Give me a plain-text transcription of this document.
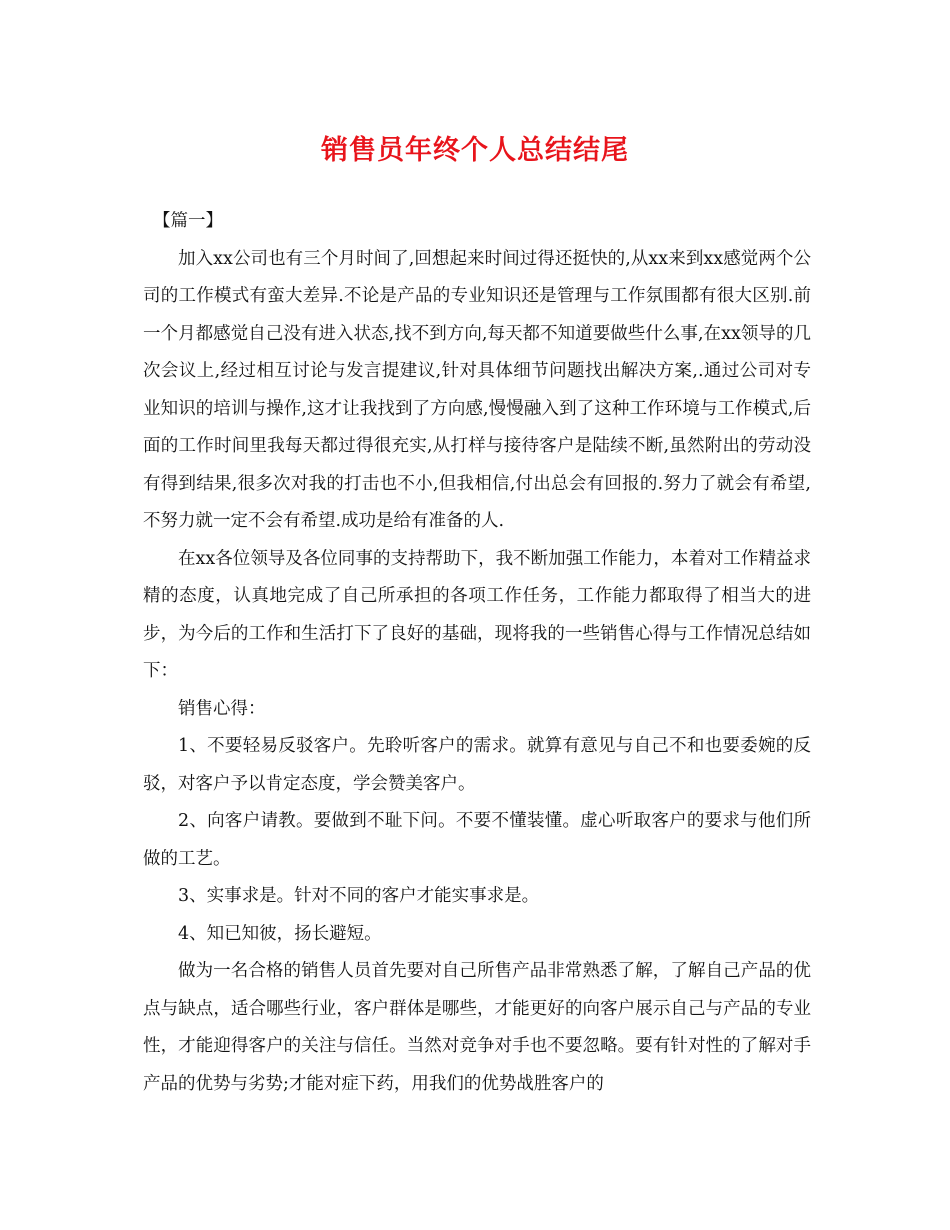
销售员年终个人总结结尾

【篇一】

加入xx公司也有三个月时间了,回想起来时间过得还挺快的,从xx来到xx感觉两个公司的工作模式有蛮大差异.不论是产品的专业知识还是管理与工作氛围都有很大区别.前一个月都感觉自己没有进入状态,找不到方向,每天都不知道要做些什么事,在xx领导的几次会议上,经过相互讨论与发言提建议,针对具体细节问题找出解决方案,.通过公司对专业知识的培训与操作,这才让我找到了方向感,慢慢融入到了这种工作环境与工作模式,后面的工作时间里我每天都过得很充实,从打样与接待客户是陆续不断,虽然附出的劳动没有得到结果,很多次对我的打击也不小,但我相信,付出总会有回报的.努力了就会有希望,不努力就一定不会有希望.成功是给有准备的人.

在xx各位领导及各位同事的支持帮助下，我不断加强工作能力，本着对工作精益求精的态度，认真地完成了自己所承担的各项工作任务，工作能力都取得了相当大的进步，为今后的工作和生活打下了良好的基础，现将我的一些销售心得与工作情况总结如下：

销售心得：

1、不要轻易反驳客户。先聆听客户的需求。就算有意见与自己不和也要委婉的反驳，对客户予以肯定态度，学会赞美客户。

2、向客户请教。要做到不耻下问。不要不懂装懂。虚心听取客户的要求与他们所做的工艺。

3、实事求是。针对不同的客户才能实事求是。

4、知已知彼，扬长避短。

做为一名合格的销售人员首先要对自己所售产品非常熟悉了解，了解自己产品的优点与缺点，适合哪些行业，客户群体是哪些，才能更好的向客户展示自己与产品的专业性，才能迎得客户的关注与信任。当然对竞争对手也不要忽略。要有针对性的了解对手产品的优势与劣势;才能对症下药，用我们的优势战胜客户的
